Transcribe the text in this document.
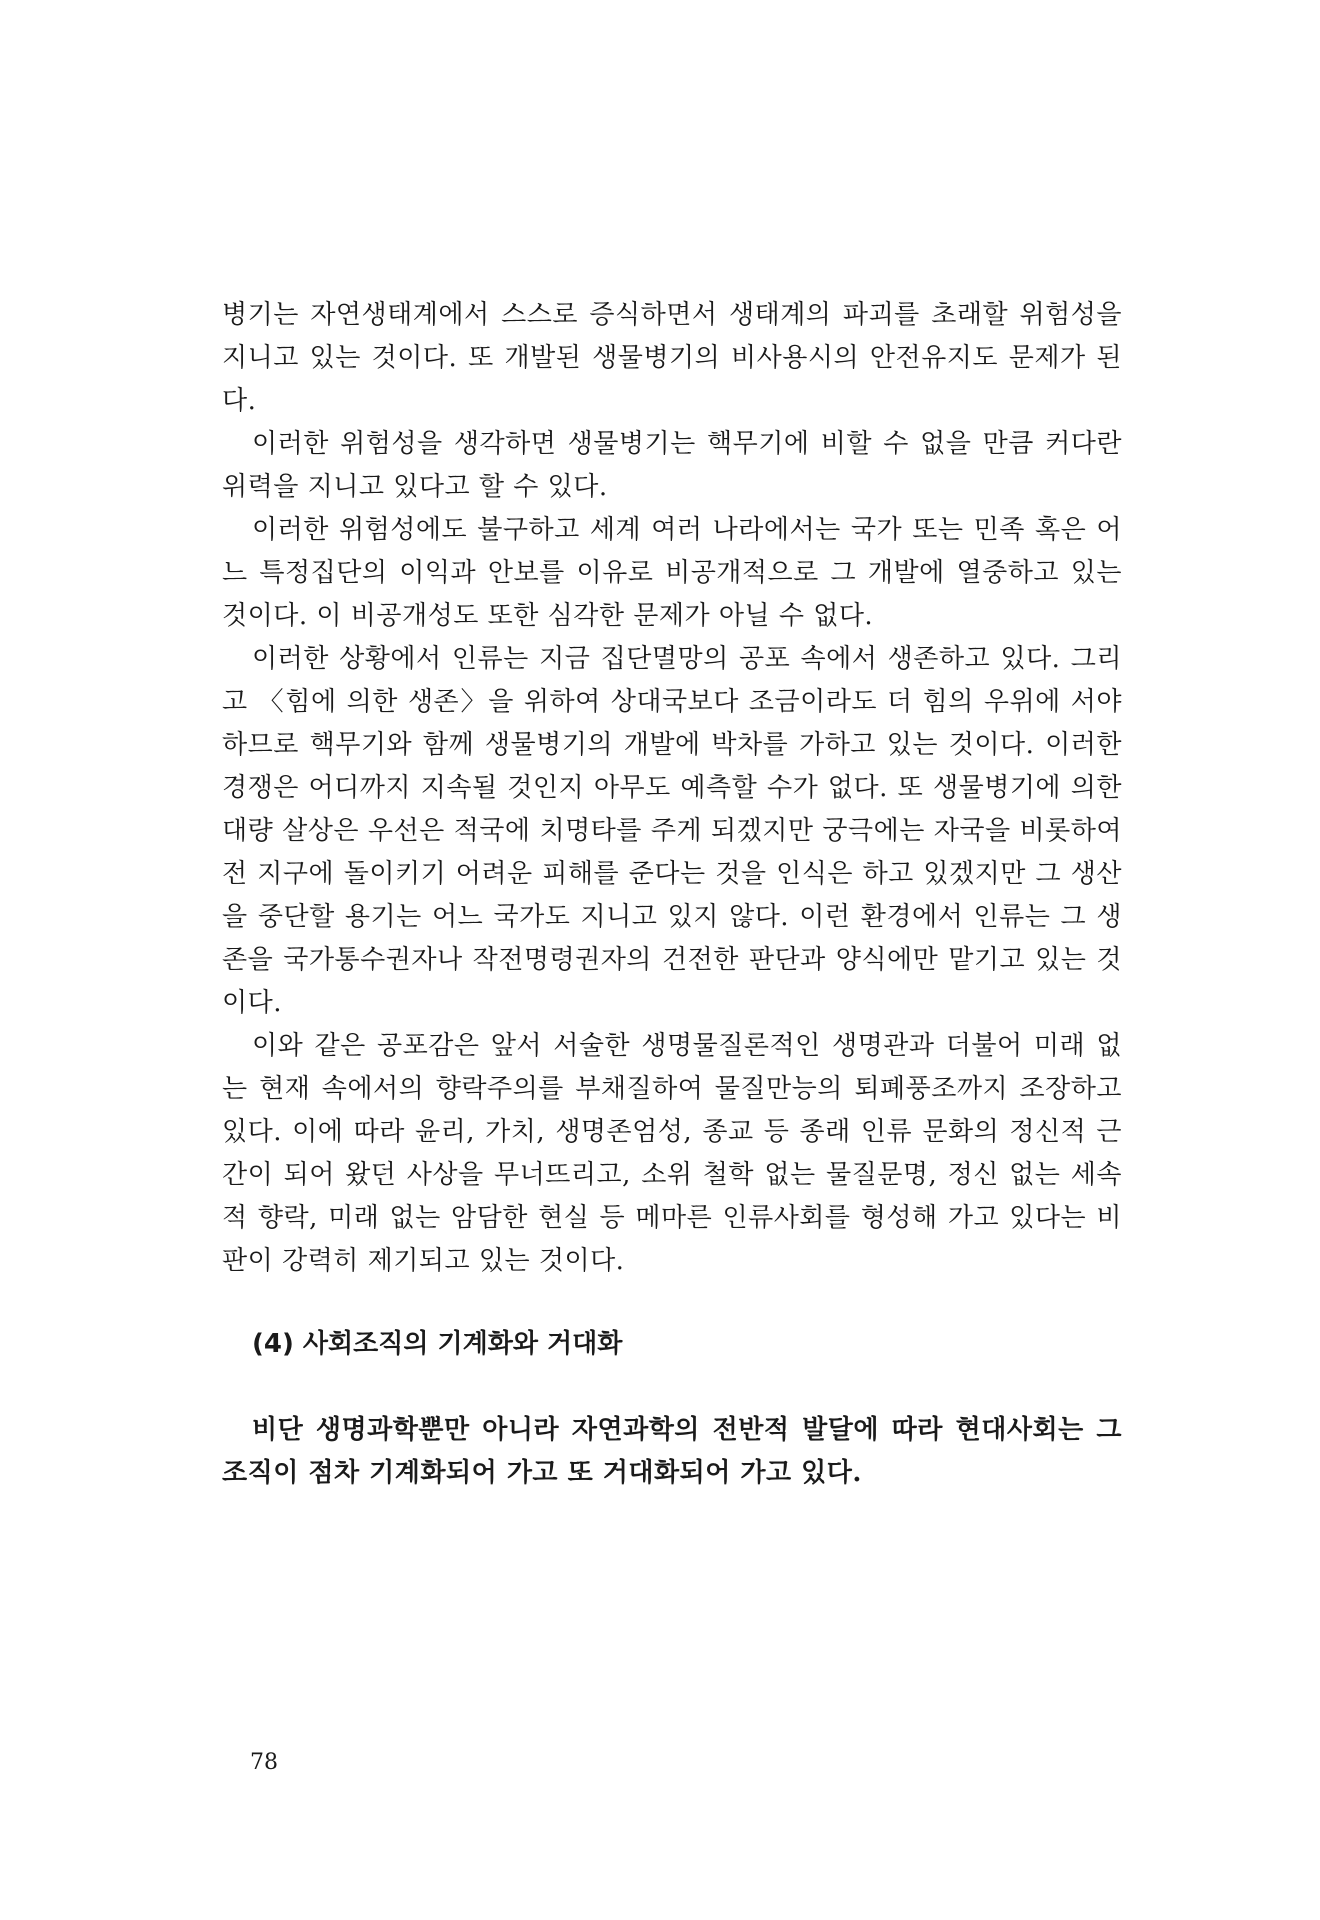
병기는 자연생태계에서 스스로 증식하면서 생태계의 파괴를 초래할 위험성을 지니고 있는 것이다. 또 개발된 생물병기의 비사용시의 안전유지도 문제가 된다.

이러한 위험성을 생각하면 생물병기는 핵무기에 비할 수 없을 만큼 커다란 위력을 지니고 있다고 할 수 있다.

이러한 위험성에도 불구하고 세계 여러 나라에서는 국가 또는 민족 혹은 어느 특정집단의 이익과 안보를 이유로 비공개적으로 그 개발에 열중하고 있는 것이다. 이 비공개성도 또한 심각한 문제가 아닐 수 없다.

이러한 상황에서 인류는 지금 집단멸망의 공포 속에서 생존하고 있다. 그리고 〈힘에 의한 생존〉을 위하여 상대국보다 조금이라도 더 힘의 우위에 서야 하므로 핵무기와 함께 생물병기의 개발에 박차를 가하고 있는 것이다. 이러한 경쟁은 어디까지 지속될 것인지 아무도 예측할 수가 없다. 또 생물병기에 의한 대량 살상은 우선은 적국에 치명타를 주게 되겠지만 궁극에는 자국을 비롯하여 전 지구에 돌이키기 어려운 피해를 준다는 것을 인식은 하고 있겠지만 그 생산을 중단할 용기는 어느 국가도 지니고 있지 않다. 이런 환경에서 인류는 그 생존을 국가통수권자나 작전명령권자의 건전한 판단과 양식에만 맡기고 있는 것이다.

이와 같은 공포감은 앞서 서술한 생명물질론적인 생명관과 더불어 미래 없는 현재 속에서의 향락주의를 부채질하여 물질만능의 퇴폐풍조까지 조장하고 있다. 이에 따라 윤리, 가치, 생명존엄성, 종교 등 종래 인류 문화의 정신적 근간이 되어 왔던 사상을 무너뜨리고, 소위 철학 없는 물질문명, 정신 없는 세속적 향락, 미래 없는 암담한 현실 등 메마른 인류사회를 형성해 가고 있다는 비판이 강력히 제기되고 있는 것이다.

(4) 사회조직의 기계화와 거대화

비단 생명과학뿐만 아니라 자연과학의 전반적 발달에 따라 현대사회는 그 조직이 점차 기계화되어 가고 또 거대화되어 가고 있다.

78
